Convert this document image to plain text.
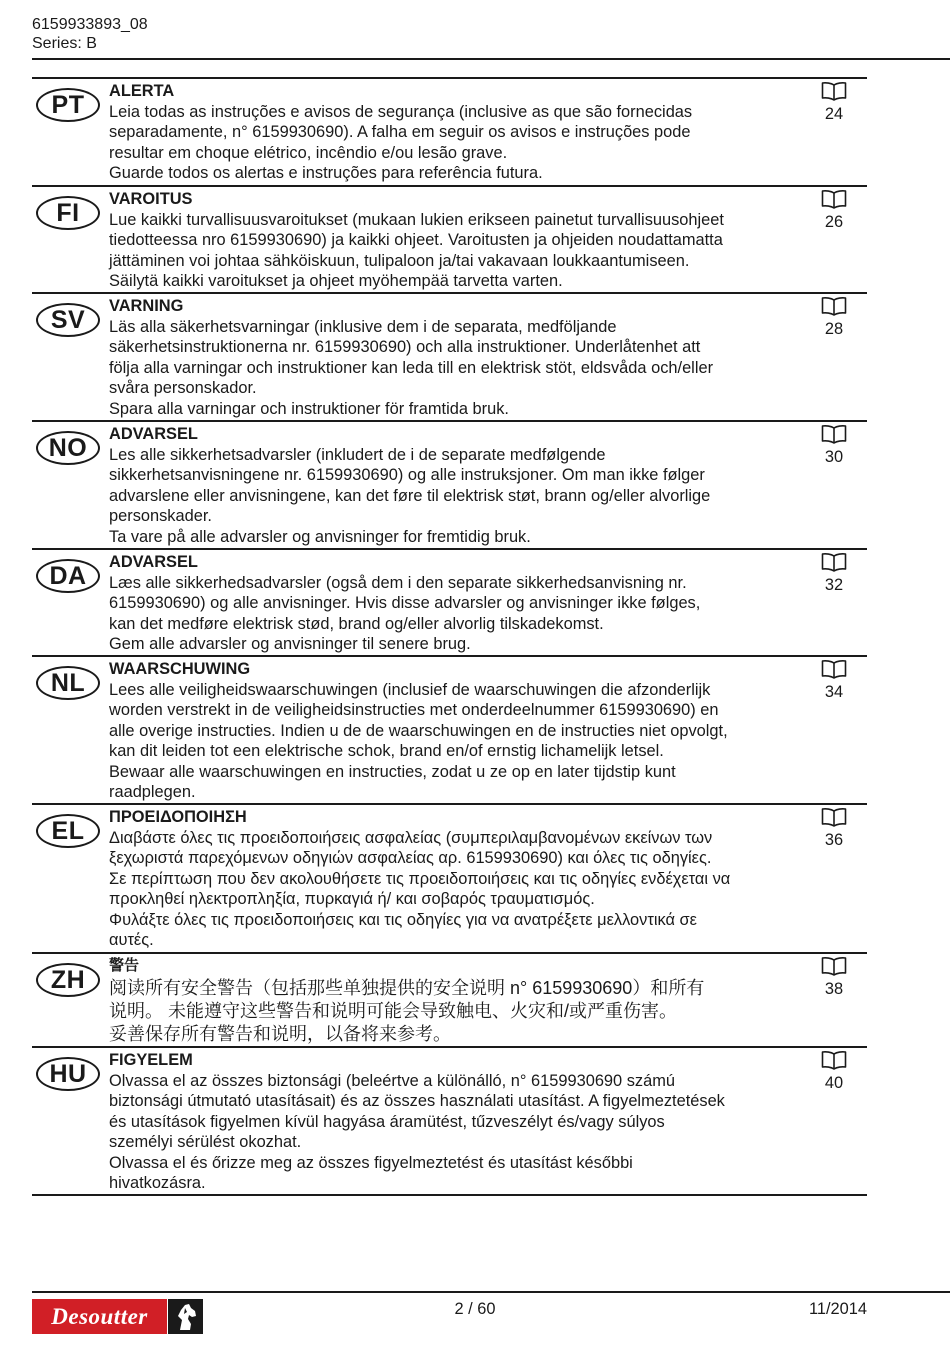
6159933893_08
Series: B
PT	ALERTA
Leia todas as instruções e avisos de segurança (inclusive as que são fornecidas
separadamente, n° 6159930690). A falha em seguir os avisos e instruções pode
resultar em choque elétrico, incêndio e/ou lesão grave.
Guarde todos os alertas e instruções para referência futura.
24
FI	VAROITUS
Lue kaikki turvallisuusvaroitukset (mukaan lukien erikseen painetut turvallisuusohjeet
tiedotteessa nro 6159930690) ja kaikki ohjeet. Varoitusten ja ohjeiden noudattamatta
jättäminen voi johtaa sähköiskuun, tulipaloon ja/tai vakavaan loukkaantumiseen.
Säilytä kaikki varoitukset ja ohjeet myöhempää tarvetta varten.
26
SV	VARNING
Läs alla säkerhetsvarningar (inklusive dem i de separata, medföljande
säkerhetsinstruktionerna nr. 6159930690) och alla instruktioner. Underlåtenhet att
följa alla varningar och instruktioner kan leda till en elektrisk stöt, eldsvåda och/eller
svåra personskador.
Spara alla varningar och instruktioner för framtida bruk.
28
NO	ADVARSEL
Les alle sikkerhetsadvarsler (inkludert de i de separate medfølgende
sikkerhetsanvisningene nr. 6159930690) og alle instruksjoner. Om man ikke følger
advarslene eller anvisningene, kan det føre til elektrisk støt, brann og/eller alvorlige
personskader.
Ta vare på alle advarsler og anvisninger for fremtidig bruk.
30
DA	ADVARSEL
Læs alle sikkerhedsadvarsler (også dem i den separate sikkerhedsanvisning nr.
6159930690) og alle anvisninger. Hvis disse advarsler og anvisninger ikke følges,
kan det medføre elektrisk stød, brand og/eller alvorlig tilskadekomst.
Gem alle advarsler og anvisninger til senere brug.
32
NL	WAARSCHUWING
Lees alle veiligheidswaarschuwingen (inclusief de waarschuwingen die afzonderlijk
worden verstrekt in de veiligheidsinstructies met onderdeelnummer 6159930690) en
alle overige instructies. Indien u de de waarschuwingen en de instructies niet opvolgt,
kan dit leiden tot een elektrische schok, brand en/of ernstig lichamelijk letsel.
Bewaar alle waarschuwingen en instructies, zodat u ze op en later tijdstip kunt
raadplegen.
34
EL	ΠΡΟΕΙΔΟΠΟΙΗΣΗ
Διαβάστε όλες τις προειδοποιήσεις ασφαλείας (συμπεριλαμβανομένων εκείνων των
ξεχωριστά παρεχόμενων οδηγιών ασφαλείας αρ. 6159930690) και όλες τις οδηγίες.
Σε περίπτωση που δεν ακολουθήσετε τις προειδοποιήσεις και τις οδηγίες ενδέχεται να
προκληθεί ηλεκτροπληξία, πυρκαγιά ή/ και σοβαρός τραυματισμός.
Φυλάξτε όλες τις προειδοποιήσεις και τις οδηγίες για να ανατρέξετε μελλοντικά σε
αυτές.
36
ZH	警告
阅读所有安全警告（包括那些单独提供的安全说明 n° 6159930690）和所有
说明。 未能遵守这些警告和说明可能会导致触电、火灾和/或严重伤害。
妥善保存所有警告和说明，以备将来参考。
38
HU	FIGYELEM
Olvassa el az összes biztonsági (beleértve a különálló, n° 6159930690 számú
biztonsági útmutató utasításait) és az összes használati utasítást. A figyelmeztetések
és utasítások figyelmen kívül hagyása áramütést, tűzveszélyt és/vagy súlyos
személyi sérülést okozhat.
Olvassa el és őrizze meg az összes figyelmeztetést és utasítást későbbi
hivatkozásra.
40
Desoutter	2 / 60	11/2014
